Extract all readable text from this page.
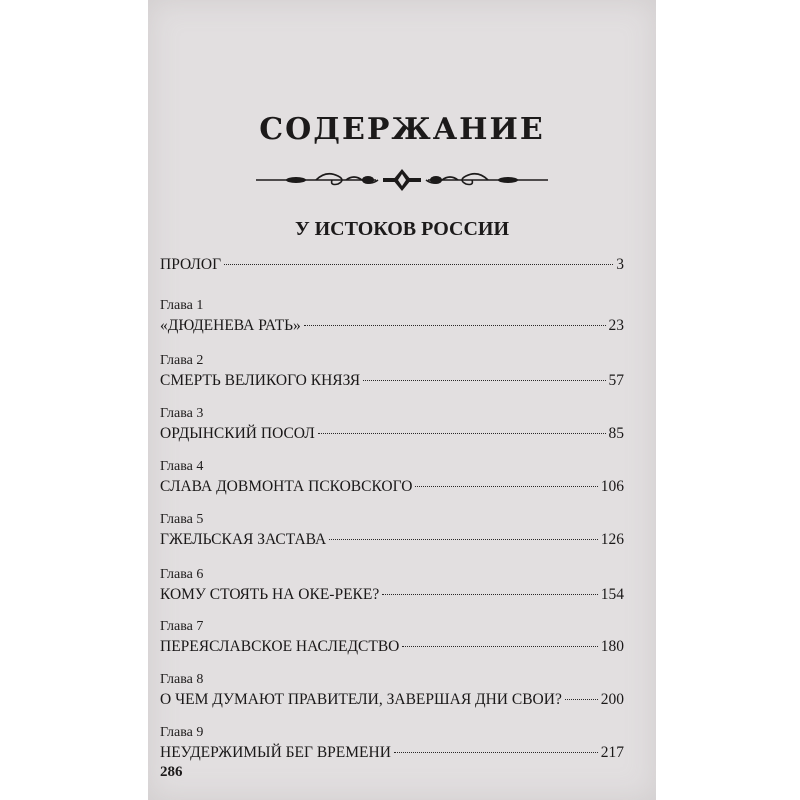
СОДЕРЖАНИЕ
У ИСТОКОВ РОССИИ
ПРОЛОГ	3
Глава 1
«ДЮДЕНЕВА РАТЬ»	23
Глава 2
СМЕРТЬ ВЕЛИКОГО КНЯЗЯ	57
Глава 3
ОРДЫНСКИЙ ПОСОЛ	85
Глава 4
СЛАВА ДОВМОНТА ПСКОВСКОГО	106
Глава 5
ГЖЕЛЬСКАЯ ЗАСТАВА	126
Глава 6
КОМУ СТОЯТЬ НА ОКЕ-РЕКЕ?	154
Глава 7
ПЕРЕЯСЛАВСКОЕ НАСЛЕДСТВО	180
Глава 8
О ЧЕМ ДУМАЮТ ПРАВИТЕЛИ, ЗАВЕРШАЯ ДНИ СВОИ?	200
Глава 9
НЕУДЕРЖИМЫЙ БЕГ ВРЕМЕНИ	217
286
